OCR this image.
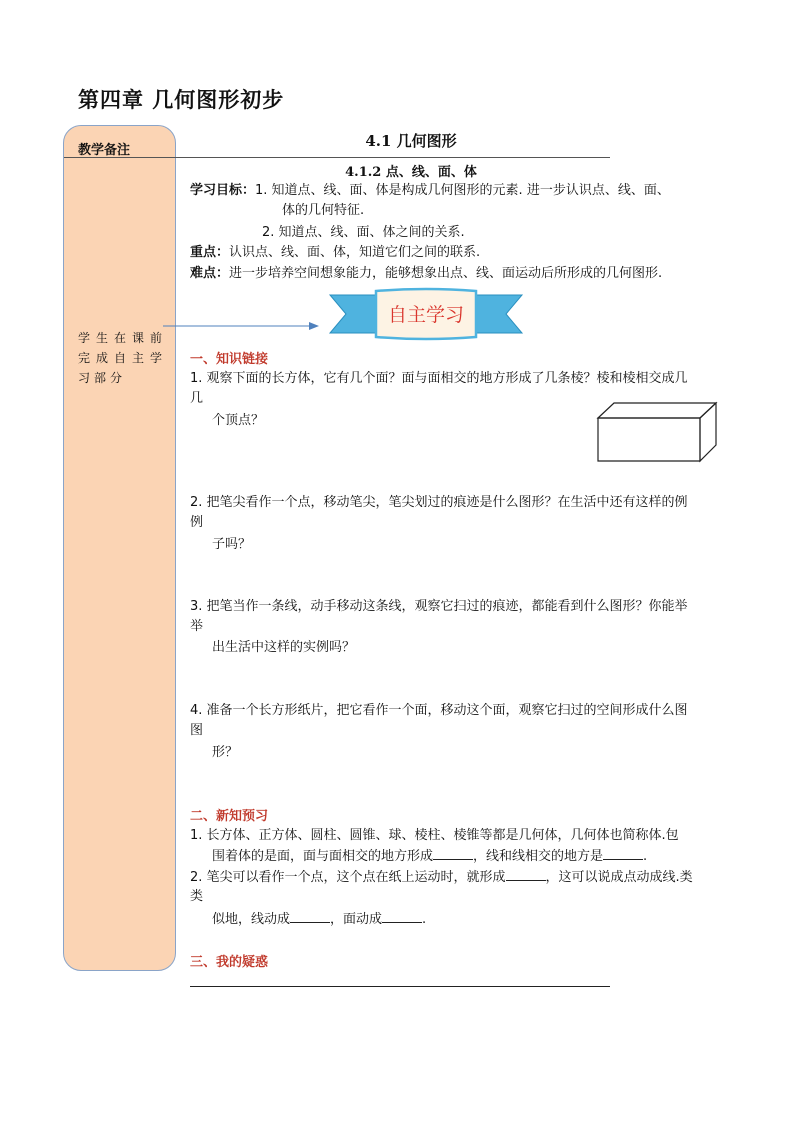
第四章 几何图形初步
教学备注
学生在课前
完成自主学
习部分
4.1 几何图形
4.1.2 点、线、面、体
学习目标：1. 知道点、线、面、体是构成几何图形的元素. 进一步认识点、线、面、
体的几何特征.
2. 知道点、线、面、体之间的关系.
重点：认识点、线、面、体，知道它们之间的联系.
难点：进一步培养空间想象能力，能够想象出点、线、面运动后所形成的几何图形.
自主学习
一、知识链接
1. 观察下面的长方体，它有几个面？面与面相交的地方形成了几条棱？棱和棱相交成几
几
个顶点？
2. 把笔尖看作一个点，移动笔尖，笔尖划过的痕迹是什么图形？在生活中还有这样的例
例
子吗？
3. 把笔当作一条线，动手移动这条线，观察它扫过的痕迹，都能看到什么图形？你能举
举
出生活中这样的实例吗？
4. 准备一个长方形纸片，把它看作一个面，移动这个面，观察它扫过的空间形成什么图
图
形？
二、新知预习
1. 长方体、正方体、圆柱、圆锥、球、棱柱、棱锥等都是几何体，几何体也简称体.包
围着体的是面，面与面相交的地方形成	，线和线相交的地方是	.
2. 笔尖可以看作一个点，这个点在纸上运动时，就形成	，这可以说成点动成线.类
类
似地，线动成	，面动成	.
三、我的疑惑
